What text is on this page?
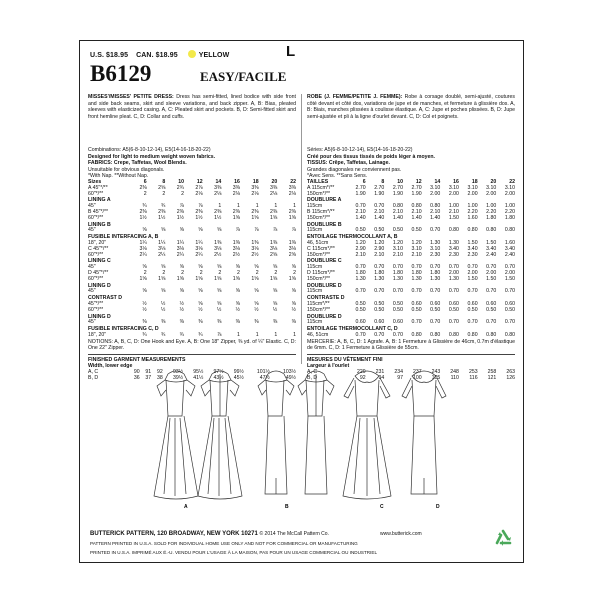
U.S. $18.95 CAN. $18.95	YELLOW	L
B6129	EASY/FACILE

MISSES'/MISSES' PETITE DRESS: Dress has semi-fitted, lined bodice with side front and side back seams, skirt and sleeve variations, and back zipper. A, B: Bias, pleated sleeves with elasticized casing. A, C: Pleated skirt and pockets. B, D: Semi-fitted skirt and front hemline pleat. C, D: Collar and cuffs.

Combinations: A5(6-8-10-12-14), E5(14-16-18-20-22)

Designed for light to medium weight woven fabrics.

FABRICS: Crepe, Taffetas, Wool Blends.

Unsuitable for obvious diagonals.

*With Nap. **Without Nap.

Sizes	6	8	10	12	14	16	18	20	22
A 45"*/**	2⅜	2⅝	2¾	2⅞	3⅜	3⅜	3⅜	3⅜	3⅜
60"*/**	2	2	2	2⅛	2⅛	2⅛	2⅛	2⅛	2⅛
LINING A									
45"	¾	¾	⅞	⅞	1	1	1	1	1
B 45"*/**	2⅜	2⅜	2⅜	2⅜	2⅜	2⅜	2⅜	2⅜	2⅜
60"*/**	1½	1½	1½	1½	1½	1⅝	1⅝	1⅝	1⅝
LINING B									
45"	⅝	⅝	⅝	⅝	⅝	⅞	⅞	⅞	⅞
FUSIBLE INTERFACING A, B									
18", 20"	1¼	1¼	1¼	1¼	1⅜	1⅜	1⅜	1⅜	1⅜
C 45"*/**	3⅛	3⅛	3⅛	3⅛	3⅛	3⅛	3⅛	3⅛	3⅛
60"*/**	2¼	2¼	2¼	2¼	2½	2½	2½	2⅝	2⅝
LINING C									
45"	⅝	⅝	⅝	⅝	⅝	⅝	⅝	⅝	⅝
D 45"*/**	2	2	2	2	2	2	2	2	2
60"*/**	1⅝	1⅝	1⅝	1⅝	1⅝	1⅝	1⅝	1⅝	1⅝
LINING D									
45"	⅝	⅝	⅝	⅝	⅝	⅝	⅝	⅝	⅝
CONTRAST D									
45"*/**	½	½	½	⅝	⅝	⅝	⅝	⅝	⅝
60"*/**	½	½	½	½	½	½	½	½	½
LINING D									
45"	⅜	⅜	⅜	⅜	⅜	⅜	⅜	⅜	⅜
FUSIBLE INTERFACING C, D									
18", 20"	¾	¾	¾	¾	⅞	1	1	1	1

NOTIONS: A, B, C, D: One Hook and Eye. A, B: One 18" Zipper, ⅜ yd. of ¼" Elastic. C, D: One 22" Zipper.

FINISHED GARMENT MEASUREMENTS

Width, lower edge

A, C	90	91	92	93½	95½	97½	99½	101½	103½
B, D	36	37	38	39½	41½	43½	45½	47½	49½

ROBE (J. FEMME/PETITE J. FEMME): Robe à corsage doublé, semi-ajusté, coutures côté devant et côté dos, variations de jupe et de manches, et fermeture à glissière dos. A, B: Biais, manches plissées à coulisse élastique. A, C: Jupe et poches plissées. B, D: Jupe semi-ajustée et pli à la ligne d'ourlet devant. C, D: Col et poignets.

Séries: A5(6-8-10-12-14), E5(14-16-18-20-22)

Créé pour des tissus tissés de poids léger à moyen.

TISSUS: Crêpe, Taffetas, Lainage.

Grandes diagonales ne conviennent pas.

*Avec Sens. **Sans Sens.

TAILLES	6	8	10	12	14	16	18	20	22
A 115cm*/**	2.70	2.70	2.70	2.70	3.10	3.10	3.10	3.10	3.10
150cm*/**	1.90	1.90	1.90	1.90	2.00	2.00	2.00	2.00	2.00
DOUBLURE A									
115cm	0.70	0.70	0.80	0.80	0.80	1.00	1.00	1.00	1.00
B 115cm*/**	2.10	2.10	2.10	2.10	2.10	2.10	2.20	2.20	2.20
150cm*/**	1.40	1.40	1.40	1.40	1.40	1.50	1.60	1.80	1.80
DOUBLURE B									
115cm	0.50	0.50	0.50	0.50	0.70	0.80	0.80	0.80	0.80
ENTOILAGE THERMOCOLLANT A, B									
46, 51cm	1.20	1.20	1.20	1.20	1.30	1.30	1.50	1.50	1.60
C 115cm*/**	2.90	2.90	3.10	3.10	3.10	3.40	3.40	3.40	3.40
150cm*/**	2.10	2.10	2.10	2.10	2.30	2.30	2.30	2.40	2.40
DOUBLURE C									
115cm	0.70	0.70	0.70	0.70	0.70	0.70	0.70	0.70	0.70
D 115cm*/**	1.80	1.80	1.80	1.80	1.80	2.00	2.00	2.00	2.00
150cm*/**	1.30	1.30	1.30	1.30	1.30	1.30	1.50	1.50	1.50
DOUBLURE D									
115cm	0.70	0.70	0.70	0.70	0.70	0.70	0.70	0.70	0.70
CONTRASTE D									
115cm*/**	0.50	0.50	0.50	0.60	0.60	0.60	0.60	0.60	0.60
150cm*/**	0.50	0.50	0.50	0.50	0.50	0.50	0.50	0.50	0.50
DOUBLURE D									
115cm	0.60	0.60	0.60	0.70	0.70	0.70	0.70	0.70	0.70
ENTOILAGE THERMOCOLLANT C, D									
46, 51cm	0.70	0.70	0.70	0.80	0.80	0.80	0.80	0.80	0.80

MERCERIE: A, B, C, D: 1 Agrafe. A, B: 1 Fermeture à Glissière de 46cm, 0.7m d'élastique de 6mm. C, D: 1 Fermeture à Glissière de 55cm.

MESURES DU VÊTEMENT FINI

Largeur à l'ourlet

A, C	229	231	234	237	243	248	253	258	263
B, D	92	94	97	100	105	110	116	121	126
A	B	C	D
BUTTERICK PATTERN, 120 BROADWAY, NEW YORK 10271 © 2014 The McCall Pattern Co.	www.butterick.com
PATTERN PRINTED IN U.S.A. SOLD FOR INDIVIDUAL HOME USE ONLY AND NOT FOR COMMERCIAL OR MANUFACTURING
PRINTED IN U.S.A. IMPRIMÉ AUX É.-U. VENDU POUR L'USAGE À LA MAISON, PAS POUR UN USAGE COMMERCIAL OU INDUSTRIEL
